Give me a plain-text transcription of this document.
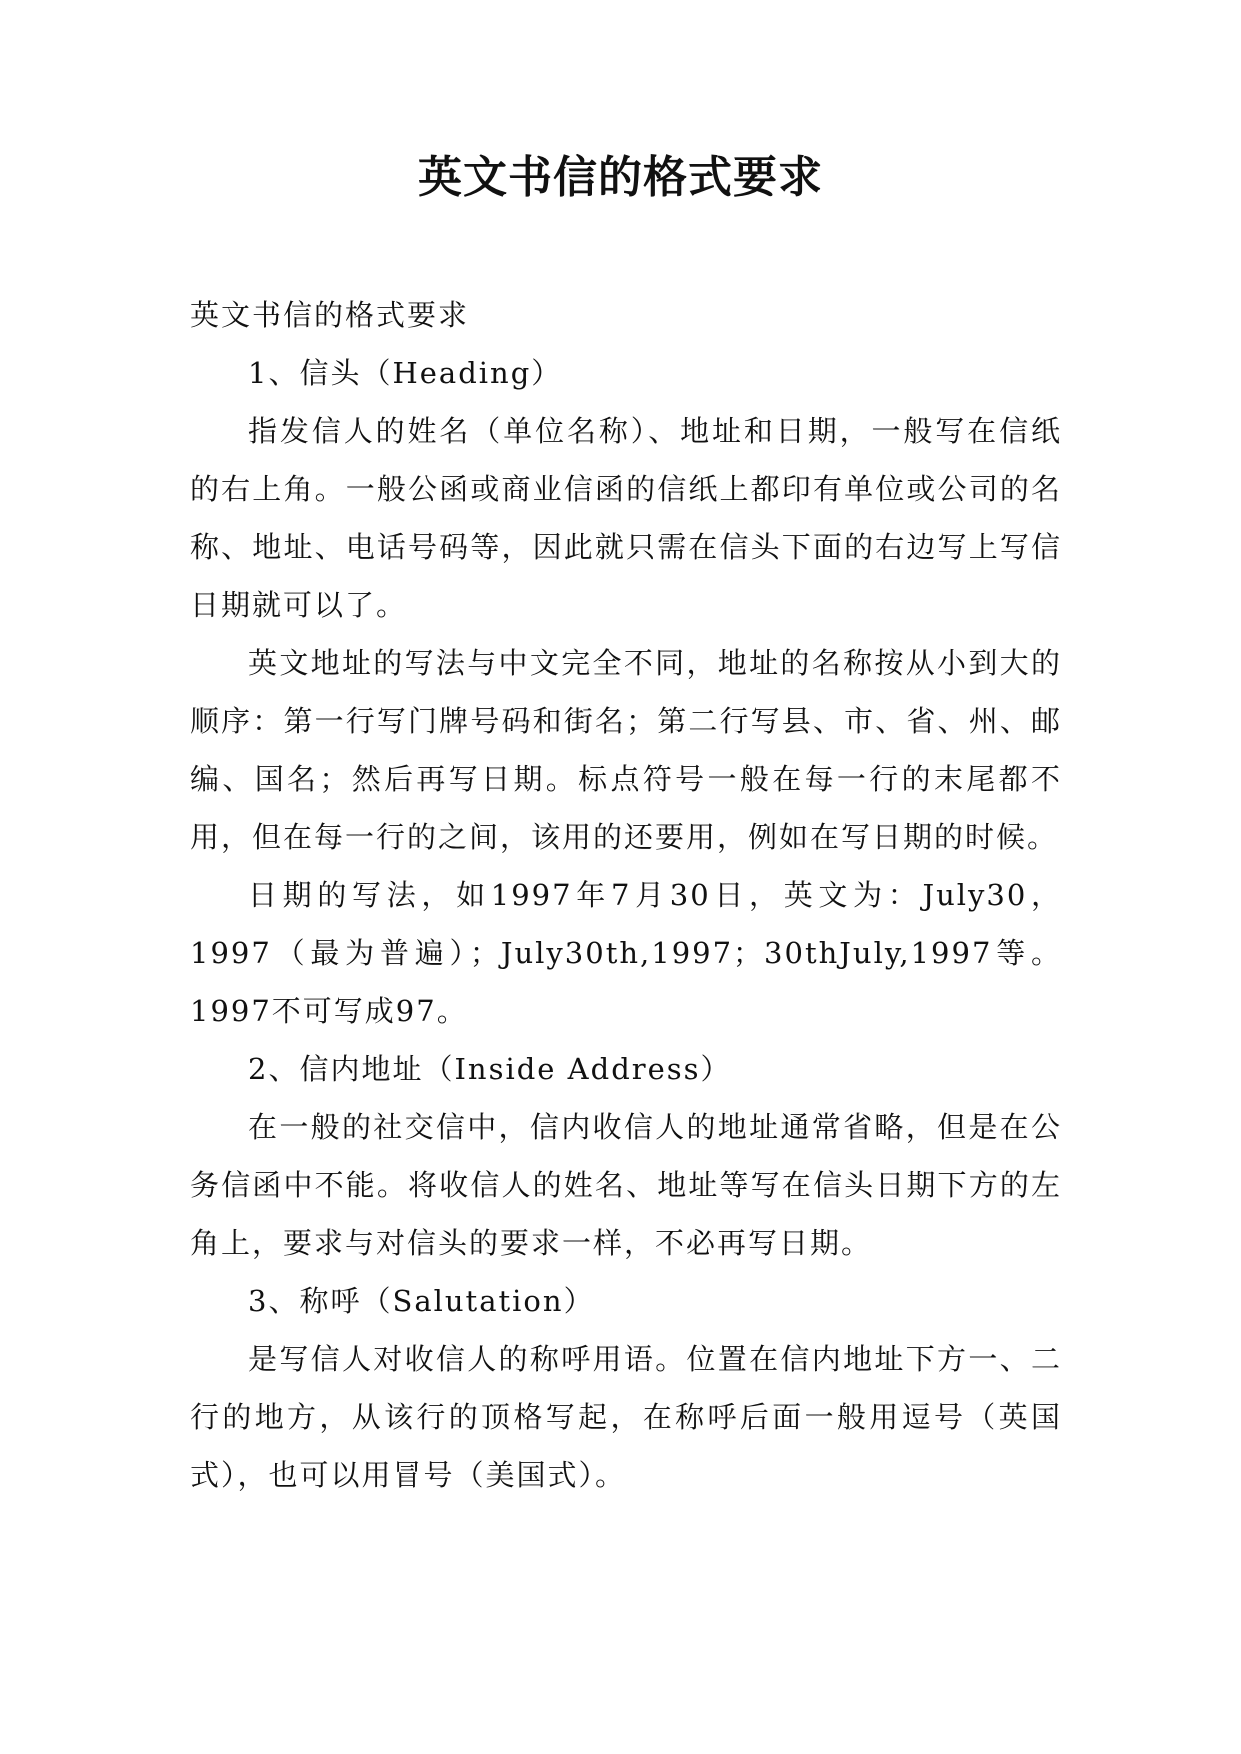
英文书信的格式要求

英文书信的格式要求

1、信头（Heading）

指发信人的姓名（单位名称）、地址和日期，一般写在信纸的右上角。一般公函或商业信函的信纸上都印有单位或公司的名称、地址、电话号码等，因此就只需在信头下面的右边写上写信日期就可以了。

英文地址的写法与中文完全不同，地址的名称按从小到大的顺序：第一行写门牌号码和街名；第二行写县、市、省、州、邮编、国名；然后再写日期。标点符号一般在每一行的末尾都不用，但在每一行的之间，该用的还要用，例如在写日期的时候。

日期的写法，如1997年7月30日，英文为：July30，1997（最为普遍）；July30th,1997；30thJuly,1997等。1997不可写成97。

2、信内地址（Inside Address）

在一般的社交信中，信内收信人的地址通常省略，但是在公务信函中不能。将收信人的姓名、地址等写在信头日期下方的左角上，要求与对信头的要求一样，不必再写日期。

3、称呼（Salutation）

是写信人对收信人的称呼用语。位置在信内地址下方一、二行的地方，从该行的顶格写起，在称呼后面一般用逗号（英国式），也可以用冒号（美国式）。
